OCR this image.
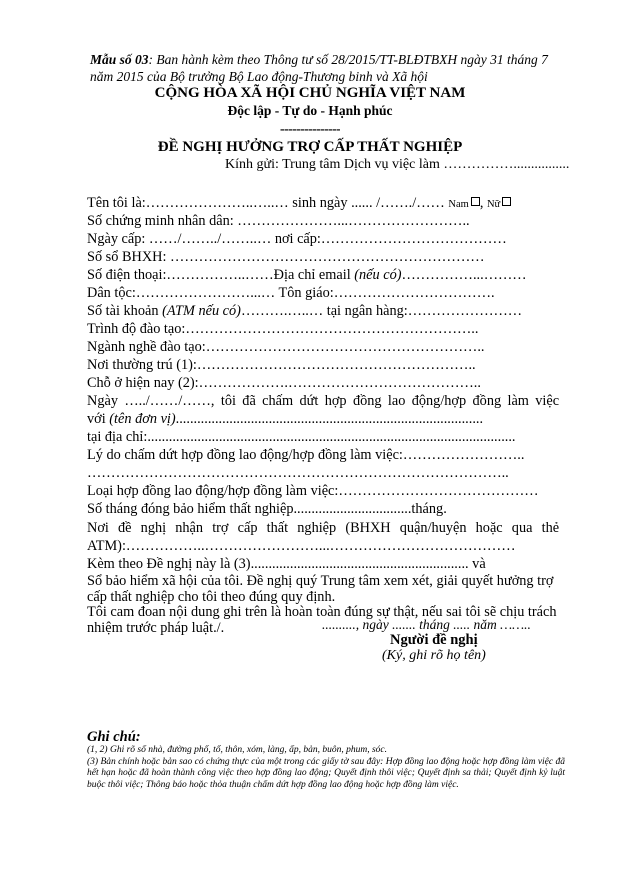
Mẫu số 03: Ban hành kèm theo Thông tư số 28/2015/TT-BLĐTBXH ngày 31 tháng 7 năm 2015 của Bộ trưởng Bộ Lao động-Thương binh và Xã hội
CỘNG HÒA XÃ HỘI CHỦ NGHĨA VIỆT NAM
Độc lập - Tự do - Hạnh phúc
---------------
ĐỀ NGHỊ HƯỞNG TRỢ CẤP THẤT NGHIỆP
Kính gửi: Trung tâm Dịch vụ việc làm ……………................
Tên tôi là:…………………..…..… sinh ngày ...... /……./…… Nam , Nữ
Số chứng minh nhân dân: …………………...……………………..
Ngày cấp: ……/……../……..… nơi cấp:…………………………………
Số sổ BHXH: …………………………………………………………
Số điện thoại:……………..……Địa chỉ email (nếu có)……………...………
Dân tộc:……………………...… Tôn giáo:…………………………….
Số tài khoản (ATM nếu có)……….…..… tại ngân hàng:……………………
Trình độ đào tạo:……………………………………………………..
Ngành nghề đào tạo:…………………………………………………..
Nơi thường trú (1):…………………………………………………..
Chỗ ở hiện nay (2):……………….…………………………………..
Ngày …../……/……, tôi đã chấm dứt hợp đồng lao động/hợp đồng làm việc
với (tên đơn vị)......................................................................................
tại địa chỉ:.......................................................................................................
Lý do chấm dứt hợp đồng lao động/hợp đồng làm việc:……………………..
……………………………………………………………………………..
Loại hợp đồng lao động/hợp đồng làm việc:……………………………………
Số tháng đóng bảo hiểm thất nghiệp.................................tháng.
Nơi đề nghị nhận trợ cấp thất nghiệp (BHXH quận/huyện hoặc qua thẻ
ATM):……………..……………………...…………………………………
Kèm theo Đề nghị này là (3)............................................................. và
Sổ bảo hiểm xã hội của tôi. Đề nghị quý Trung tâm xem xét, giải quyết hưởng trợ cấp thất nghiệp cho tôi theo đúng quy định.
Tôi cam đoan nội dung ghi trên là hoàn toàn đúng sự thật, nếu sai tôi sẽ chịu trách nhiệm trước pháp luật./.	.........., ngày ....... tháng ..... năm ……..
Người đề nghị
(Ký, ghi rõ họ tên)
Ghi chú:
(1, 2) Ghi rõ số nhà, đường phố, tổ, thôn, xóm, làng, ấp, bản, buôn, phum, sóc.
(3) Bản chính hoặc bản sao có chứng thực của một trong các giấy tờ sau đây: Hợp đồng lao động hoặc hợp đồng làm việc đã hết hạn hoặc đã hoàn thành công việc theo hợp đồng lao động; Quyết định thôi việc; Quyết định sa thải; Quyết định kỷ luật buộc thôi việc; Thông báo hoặc thỏa thuận chấm dứt hợp đồng lao động hoặc hợp đồng làm việc.
